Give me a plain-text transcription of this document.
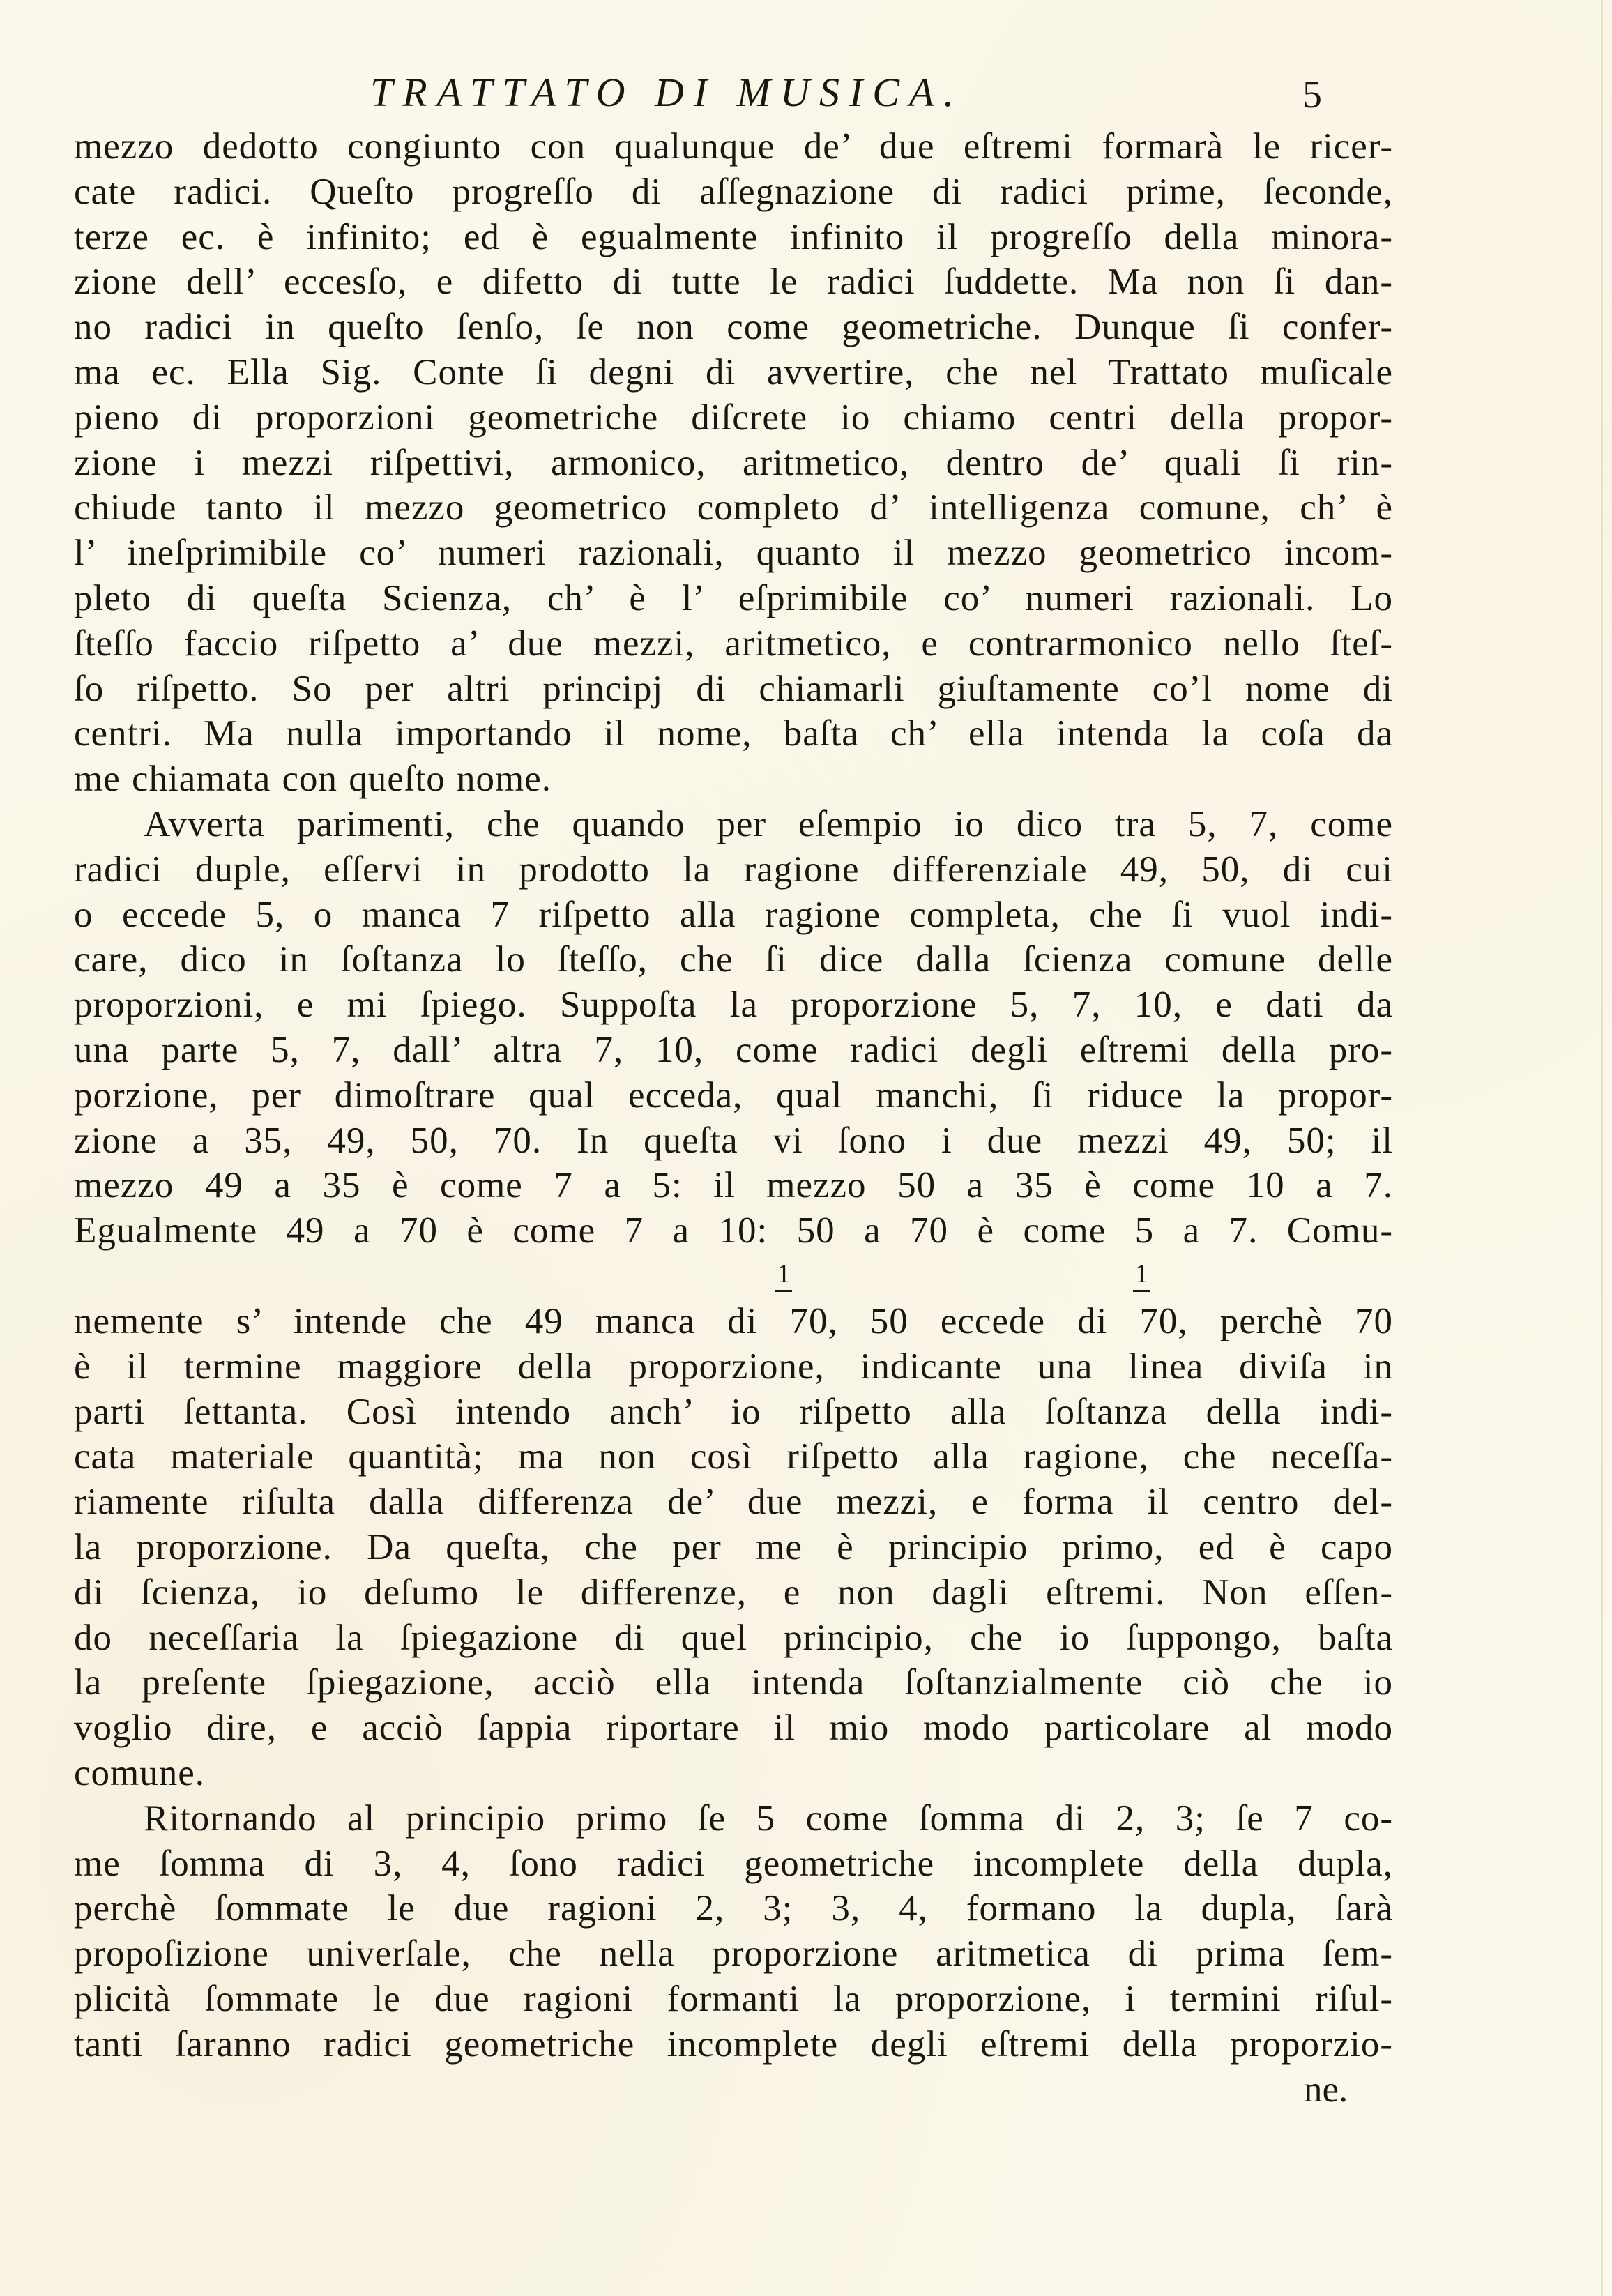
TRATTATO DI MUSICA.	5
mezzo dedotto congiunto con qualunque de’ due eſtremi formarà le ricer-
cate radici. Queſto progreſſo di aſſegnazione di radici prime, ſeconde,
terze ec. è infinito; ed è egualmente infinito il progreſſo della minora-
zione dell’ eccesſo, e difetto di tutte le radici ſuddette. Ma non ſi dan-
no radici in queſto ſenſo, ſe non come geometriche. Dunque ſi confer-
ma ec. Ella Sig. Conte ſi degni di avvertire, che nel Trattato muſicale
pieno di proporzioni geometriche diſcrete io chiamo centri della propor-
zione i mezzi riſpettivi, armonico, aritmetico, dentro de’ quali ſi rin-
chiude tanto il mezzo geometrico completo d’ intelligenza comune, ch’ è
l’ ineſprimibile co’ numeri razionali, quanto il mezzo geometrico incom-
pleto di queſta Scienza, ch’ è l’ eſprimibile co’ numeri razionali. Lo
ſteſſo faccio riſpetto a’ due mezzi, aritmetico, e contrarmonico nello ſteſ-
ſo riſpetto. So per altri principj di chiamarli giuſtamente co’l nome di
centri. Ma nulla importando il nome, baſta ch’ ella intenda la coſa da
me chiamata con queſto nome.
Avverta parimenti, che quando per eſempio io dico tra 5, 7, come
radici duple, eſſervi in prodotto la ragione differenziale 49, 50, di cui
o eccede 5, o manca 7 riſpetto alla ragione completa, che ſi vuol indi-
care, dico in ſoſtanza lo ſteſſo, che ſi dice dalla ſcienza comune delle
proporzioni, e mi ſpiego. Suppoſta la proporzione 5, 7, 10, e dati da
una parte 5, 7, dall’ altra 7, 10, come radici degli eſtremi della pro-
porzione, per dimoſtrare qual ecceda, qual manchi, ſi riduce la propor-
zione a 35, 49, 50, 70. In queſta vi ſono i due mezzi 49, 50; il
mezzo 49 a 35 è come 7 a 5: il mezzo 50 a 35 è come 10 a 7.
Egualmente 49 a 70 è come 7 a 10: 50 a 70 è come 5 a 7. Comu-
nemente s’ intende che 49 manca di 70, 50 eccede di 70, perchè 70
è il termine maggiore della proporzione, indicante una linea diviſa in
parti ſettanta. Così intendo anch’ io riſpetto alla ſoſtanza della indi-
cata materiale quantità; ma non così riſpetto alla ragione, che neceſſa-
riamente riſulta dalla differenza de’ due mezzi, e forma il centro del-
la proporzione. Da queſta, che per me è principio primo, ed è capo
di ſcienza, io deſumo le differenze, e non dagli eſtremi. Non eſſen-
do neceſſaria la ſpiegazione di quel principio, che io ſuppongo, baſta
la preſente ſpiegazione, acciò ella intenda ſoſtanzialmente ciò che io
voglio dire, e acciò ſappia riportare il mio modo particolare al modo
comune.
Ritornando al principio primo ſe 5 come ſomma di 2, 3; ſe 7 co-
me ſomma di 3, 4, ſono radici geometriche incomplete della dupla,
perchè ſommate le due ragioni 2, 3; 3, 4, formano la dupla, ſarà
propoſizione univerſale, che nella proporzione aritmetica di prima ſem-
plicità ſommate le due ragioni formanti la proporzione, i termini riſul-
tanti ſaranno radici geometriche incomplete degli eſtremi della proporzio-
1	1
ne.
